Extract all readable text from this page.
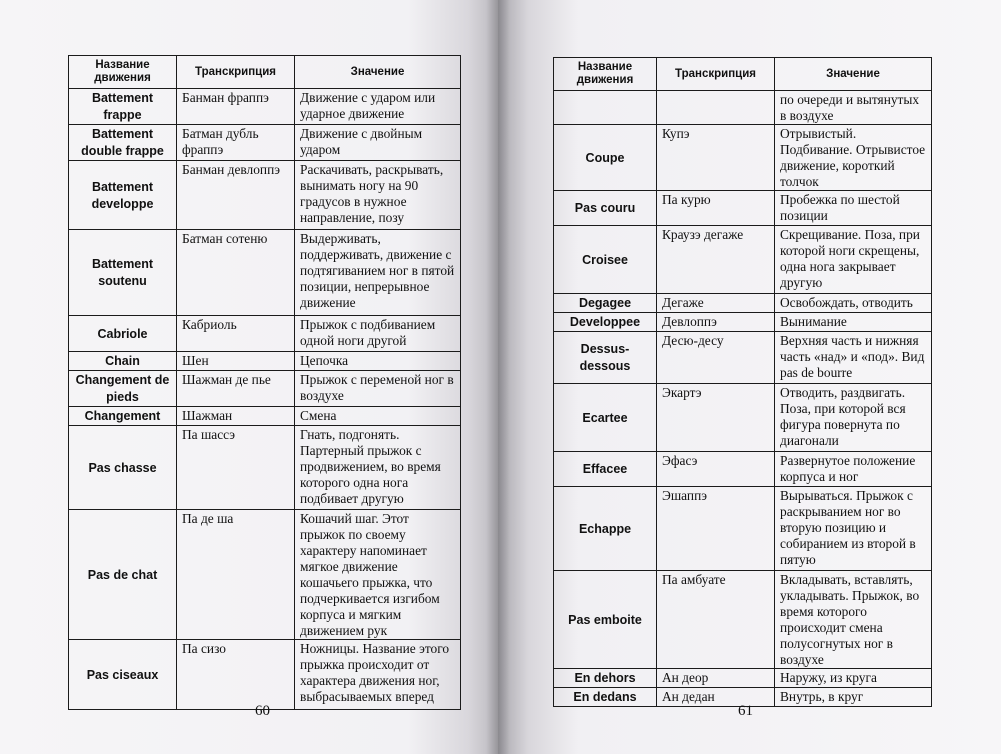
Название движения	Транскрипция	Значение
Battement frappe	Банман фраппэ	Движение с ударом или ударное движение
Battement double frappe	Батман дубль фраппэ	Движение с двойным ударом
Battement developpe	Банман девлоппэ	Раскачивать, раскрывать, вынимать ногу на 90 градусов в нужное направление, позу
Battement soutenu	Батман сотеню	Выдерживать, поддерживать, движение с подтягиванием ног в пятой позиции, непрерывное движение
Cabriole	Кабриоль	Прыжок с подбиванием одной ноги другой
Chain	Шен	Цепочка
Changement de pieds	Шажман де пье	Прыжок с переменой ног в воздухе
Changement	Шажман	Смена
Pas chasse	Па шассэ	Гнать, подгонять. Партерный прыжок с продвижением, во время которого одна нога подбивает другую
Pas de chat	Па де ша	Кошачий шаг. Этот прыжок по своему характеру напоминает мягкое движение кошачьего прыжка, что подчеркивается изгибом корпуса и мягким движением рук
Pas ciseaux	Па сизо	Ножницы. Название этого прыжка происходит от характера движения ног, выбрасываемых вперед
Название движения	Транскрипция	Значение
		по очереди и вытянутых в воздухе
Coupe	Купэ	Отрывистый. Подбивание. Отрывистое движение, короткий толчок
Pas couru	Па курю	Пробежка по шестой позиции
Croisee	Краузэ дегаже	Скрещивание. Поза, при которой ноги скрещены, одна нога закрывает другую
Degagee	Дегаже	Освобождать, отводить
Developpee	Девлоппэ	Вынимание
Dessus-dessous	Десю-десу	Верхняя часть и нижняя часть «над» и «под». Вид pas de bourre
Ecartee	Экартэ	Отводить, раздвигать. Поза, при которой вся фигура повернута по диагонали
Effacee	Эфасэ	Развернутое положение корпуса и ног
Echappe	Эшаппэ	Вырываться. Прыжок с раскрыванием ног во вторую позицию и собиранием из второй в пятую
Pas emboite	Па амбуате	Вкладывать, вставлять, укладывать. Прыжок, во время которого происходит смена полусогнутых ног в воздухе
En dehors	Ан деор	Наружу, из круга
En dedans	Ан дедан	Внутрь, в круг
60	61
